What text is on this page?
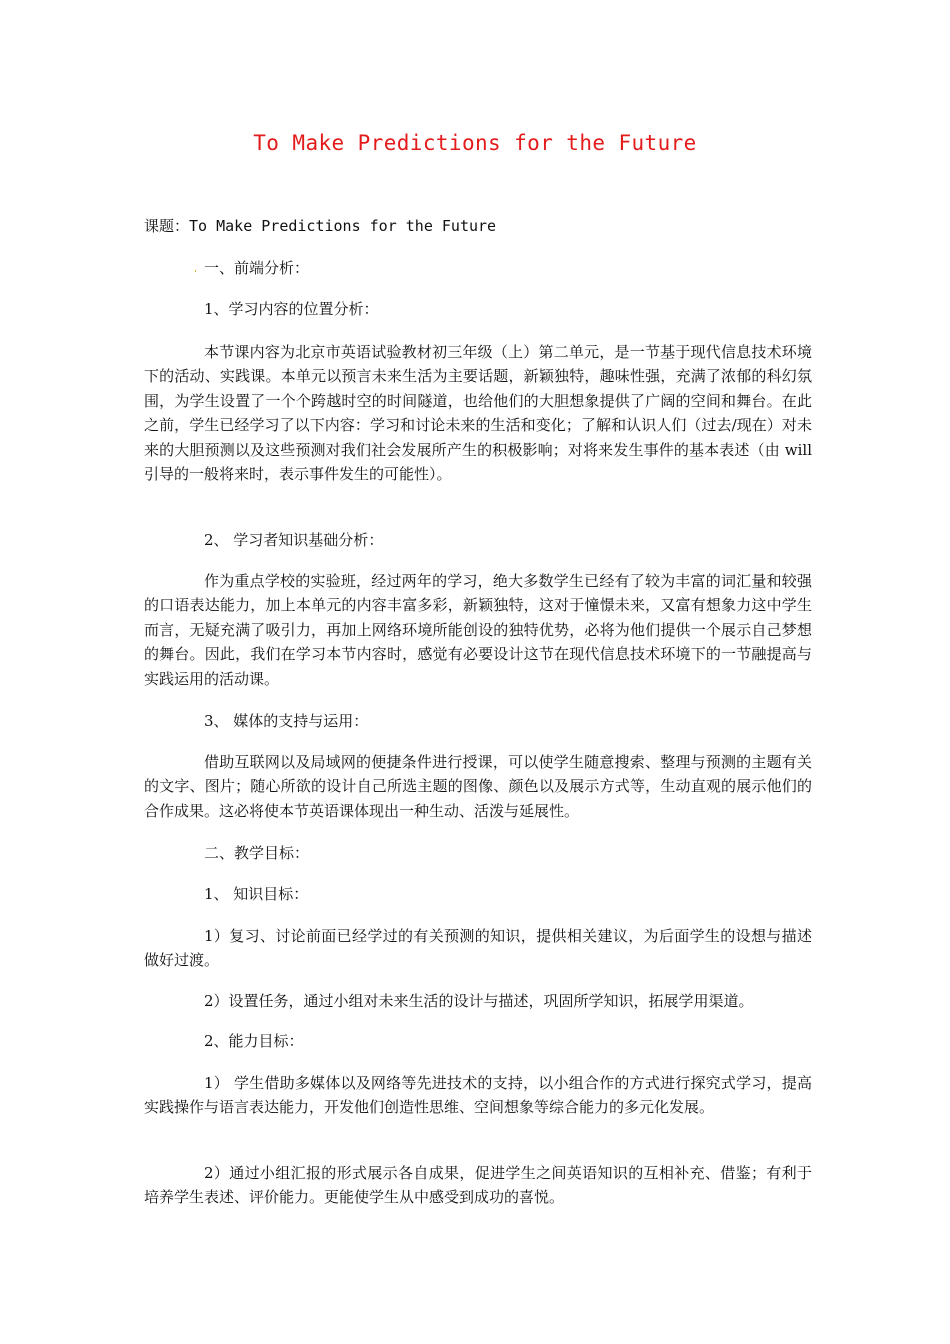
To Make Predictions for the Future
课题：To Make Predictions for the Future
، 一、前端分析：
1、学习内容的位置分析：

本节课内容为北京市英语试验教材初三年级（上）第二单元，是一节基于现代信息技术环境下的活动、实践课。本单元以预言未来生活为主要话题，新颖独特，趣味性强，充满了浓郁的科幻氛围，为学生设置了一个个跨越时空的时间隧道，也给他们的大胆想象提供了广阔的空间和舞台。在此之前，学生已经学习了以下内容：学习和讨论未来的生活和变化；了解和认识人们（过去/现在）对未来的大胆预测以及这些预测对我们社会发展所产生的积极影响；对将来发生事件的基本表述（由 will 引导的一般将来时，表示事件发生的可能性）。

2、 学习者知识基础分析：

作为重点学校的实验班，经过两年的学习，绝大多数学生已经有了较为丰富的词汇量和较强的口语表达能力，加上本单元的内容丰富多彩，新颖独特，这对于憧憬未来，又富有想象力这中学生而言，无疑充满了吸引力，再加上网络环境所能创设的独特优势，必将为他们提供一个展示自己梦想的舞台。因此，我们在学习本节内容时，感觉有必要设计这节在现代信息技术环境下的一节融提高与实践运用的活动课。

3、 媒体的支持与运用：

借助互联网以及局域网的便捷条件进行授课，可以使学生随意搜索、整理与预测的主题有关的文字、图片；随心所欲的设计自己所选主题的图像、颜色以及展示方式等，生动直观的展示他们的合作成果。这必将使本节英语课体现出一种生动、活泼与延展性。

二、教学目标：
1、 知识目标：

1）复习、讨论前面已经学过的有关预测的知识，提供相关建议，为后面学生的设想与描述做好过渡。

2）设置任务，通过小组对未来生活的设计与描述，巩固所学知识，拓展学用渠道。
2、能力目标：

1） 学生借助多媒体以及网络等先进技术的支持，以小组合作的方式进行探究式学习，提高实践操作与语言表达能力，开发他们创造性思维、空间想象等综合能力的多元化发展。

2）通过小组汇报的形式展示各自成果，促进学生之间英语知识的互相补充、借鉴；有利于培养学生表述、评价能力。更能使学生从中感受到成功的喜悦。
